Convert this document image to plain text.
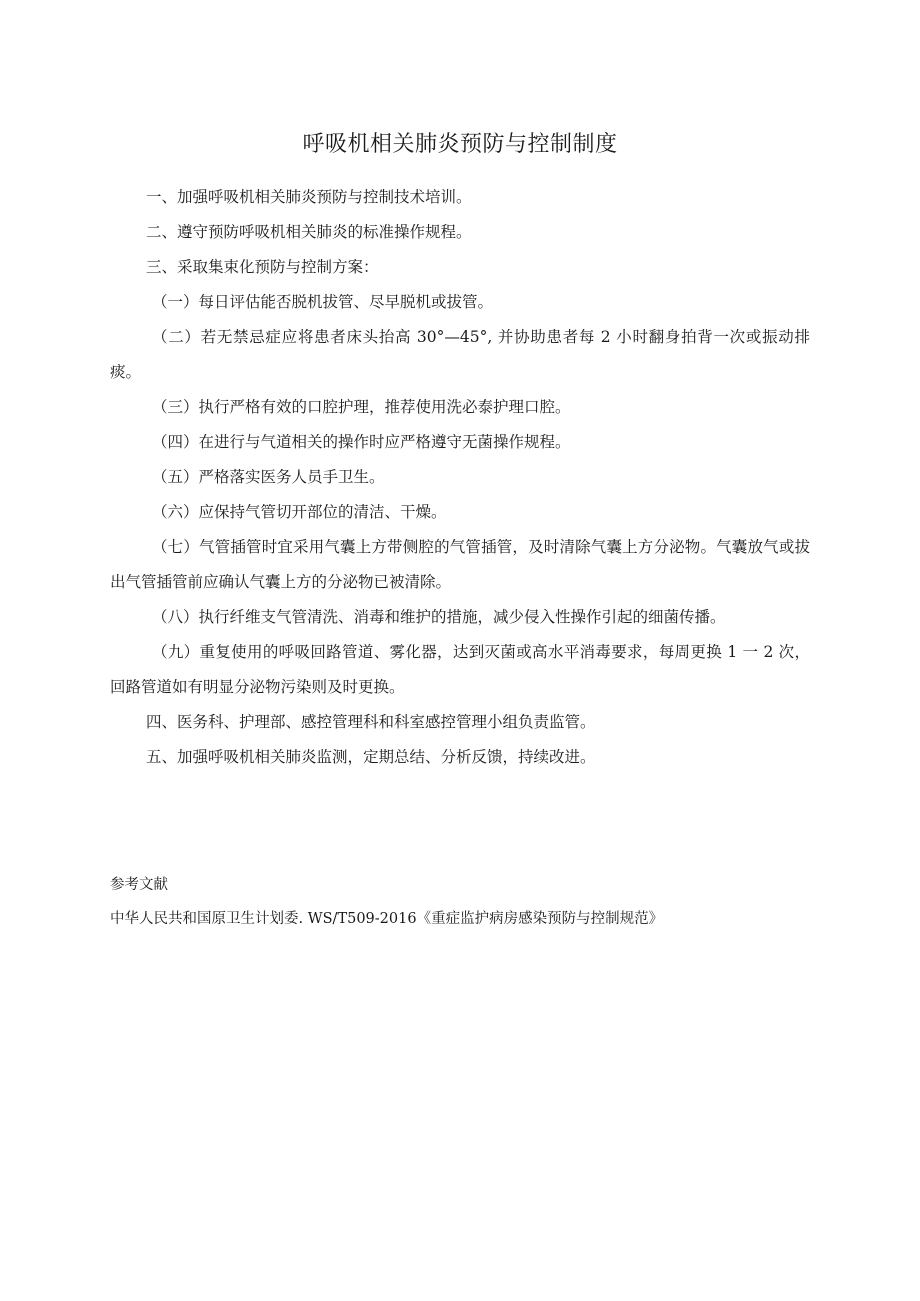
呼吸机相关肺炎预防与控制制度

一、加强呼吸机相关肺炎预防与控制技术培训。

二、遵守预防呼吸机相关肺炎的标准操作规程。

三、采取集束化预防与控制方案：

（一）每日评估能否脱机拔管、尽早脱机或拔管。

（二）若无禁忌症应将患者床头抬高 30°—45°, 并协助患者每 2 小时翻身拍背一次或振动排痰。

（三）执行严格有效的口腔护理，推荐使用洗必泰护理口腔。

（四）在进行与气道相关的操作时应严格遵守无菌操作规程。

（五）严格落实医务人员手卫生。

（六）应保持气管切开部位的清洁、干燥。

（七）气管插管时宜采用气囊上方带侧腔的气管插管，及时清除气囊上方分泌物。气囊放气或拔出气管插管前应确认气囊上方的分泌物已被清除。

（八）执行纤维支气管清洗、消毒和维护的措施，减少侵入性操作引起的细菌传播。

（九）重复使用的呼吸回路管道、雾化器，达到灭菌或高水平消毒要求，每周更换 1 一 2 次，回路管道如有明显分泌物污染则及时更换。

四、医务科、护理部、感控管理科和科室感控管理小组负责监管。

五、加强呼吸机相关肺炎监测，定期总结、分析反馈，持续改进。

参考文献

中华人民共和国原卫生计划委. WS/T509-2016《重症监护病房感染预防与控制规范》
